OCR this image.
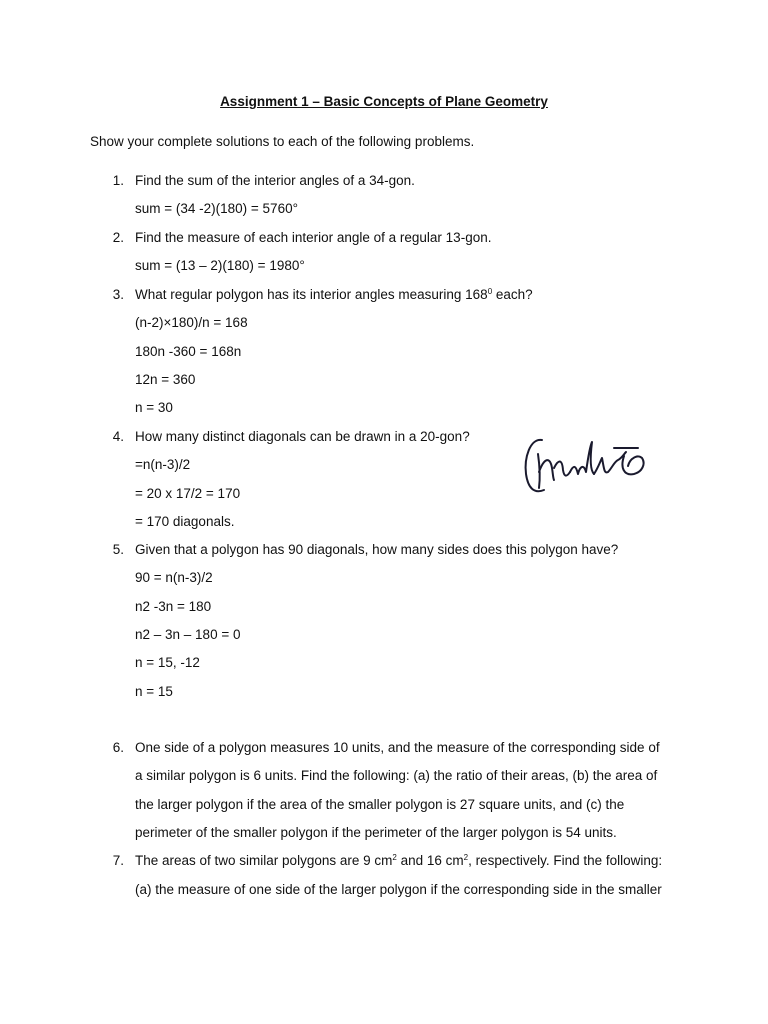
Assignment 1 – Basic Concepts of Plane Geometry
Show your complete solutions to each of the following problems.
1. Find the sum of the interior angles of a 34-gon.
sum = (34 -2)(180) = 5760°
2. Find the measure of each interior angle of a regular 13-gon.
sum = (13 – 2)(180) = 1980°
3. What regular polygon has its interior angles measuring $168^0$ each?
(n-2)×180)/n = 168
180n -360 = 168n
12n = 360
n = 30
4. How many distinct diagonals can be drawn in a 20-gon?
=n(n-3)/2
= 20 x 17/2 = 170
= 170 diagonals.
5. Given that a polygon has 90 diagonals, how many sides does this polygon have?
90 = n(n-3)/2
n2 -3n = 180
n2 – 3n – 180 = 0
n = 15, -12
n = 15
6. One side of a polygon measures 10 units, and the measure of the corresponding side of
a similar polygon is 6 units. Find the following: (a) the ratio of their areas, (b) the area of
the larger polygon if the area of the smaller polygon is 27 square units, and (c) the
perimeter of the smaller polygon if the perimeter of the larger polygon is 54 units.
7. The areas of two similar polygons are 9 $cm^2$ and 16 $cm^2$, respectively. Find the following:
(a) the measure of one side of the larger polygon if the corresponding side in the smaller
